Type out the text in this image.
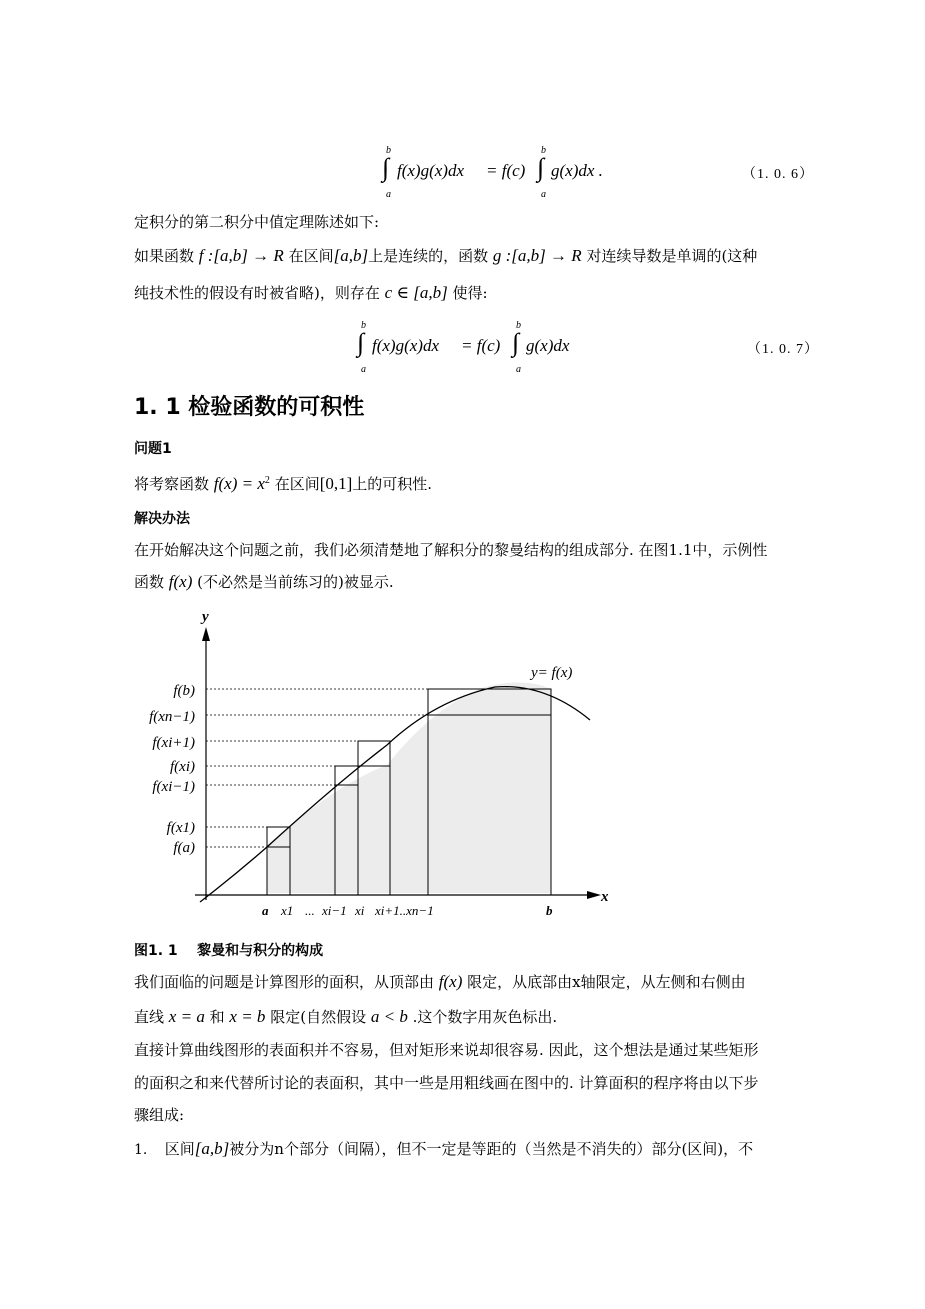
b
∫
a
f(x)g(x)dx = f(c)
b
∫
a
g(x)dx .	（1. 0. 6）
定积分的第二积分中值定理陈述如下:
如果函数 f :[a,b] → R 在区间[a,b]上是连续的，函数 g :[a,b] → R 对连续导数是单调的(这种
纯技术性的假设有时被省略)，则存在 c ∈ [a,b] 使得:
b
∫
a
f(x)g(x)dx = f(c)
b
∫
a
g(x)dx	（1. 0. 7）
1. 1 检验函数的可积性
问题1
将考察函数 $f(x) = x^2$ 在区间[0,1]上的可积性.
解决办法
在开始解决这个问题之前，我们必须清楚地了解积分的黎曼结构的组成部分. 在图1.1中，示例性
函数 f(x) (不必然是当前练习的)被显示.
y
x
y= f(x)
f(b)
f(xn−1)
f(xi+1)
f(xi)
f(xi−1)
f(x1)
f(a)
a x1 ... xi−1 xi xi+1..xn−1	b
图1. 1    黎曼和与积分的构成
我们面临的问题是计算图形的面积，从顶部由 f(x) 限定，从底部由x轴限定，从左侧和右侧由
直线 x = a 和 x = b 限定(自然假设 a < b .这个数字用灰色标出.
直接计算曲线图形的表面积并不容易，但对矩形来说却很容易. 因此，这个想法是通过某些矩形
的面积之和来代替所讨论的表面积，其中一些是用粗线画在图中的. 计算面积的程序将由以下步
骤组成:
1. 区间[a,b]被分为n个部分（间隔），但不一定是等距的（当然是不消失的）部分(区间)，不
